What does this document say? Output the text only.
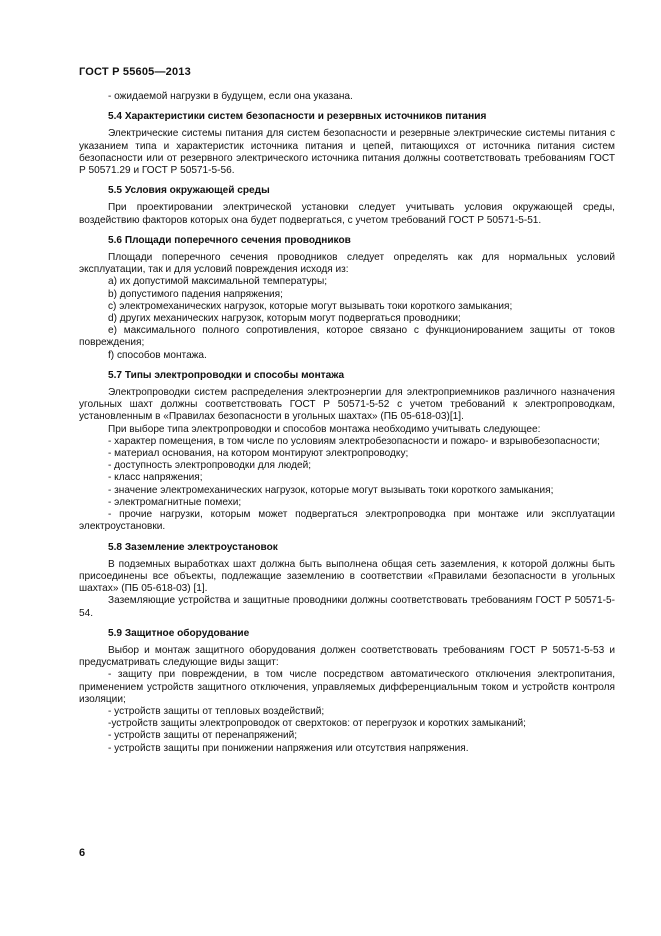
ГОСТ Р 55605—2013

- ожидаемой нагрузки в будущем, если она указана.

5.4 Характеристики систем безопасности и резервных источников питания

Электрические системы питания для систем безопасности и резервные электрические системы питания с указанием типа и характеристик источника питания и цепей, питающихся от источника питания систем безопасности или от резервного электрического источника питания должны соответствовать требованиям ГОСТ Р 50571.29 и ГОСТ Р 50571-5-56.

5.5 Условия окружающей среды

При проектировании электрической установки следует учитывать условия окружающей среды, воздействию факторов которых она будет подвергаться, с учетом требований ГОСТ Р 50571-5-51.

5.6 Площади поперечного сечения проводников

Площади поперечного сечения проводников следует определять как для нормальных условий эксплуатации, так и для условий повреждения исходя из:

а) их допустимой максимальной температуры;

b) допустимого падения напряжения;

c) электромеханических нагрузок, которые могут вызывать токи короткого замыкания;

d) других механических нагрузок, которым могут подвергаться проводники;

e) максимального полного сопротивления, которое связано с функционированием защиты от токов повреждения;

f) способов монтажа.

5.7 Типы электропроводки и способы монтажа

Электропроводки систем распределения электроэнергии для электроприемников различного назначения угольных шахт должны соответствовать ГОСТ Р 50571-5-52 с учетом требований к электропроводкам, установленным в «Правилах безопасности в угольных шахтах» (ПБ 05-618-03)[1].

При выборе типа электропроводки и способов монтажа необходимо учитывать следующее:

- характер помещения, в том числе по условиям электробезопасности и пожаро- и взрывобезопасности;

- материал основания, на котором монтируют электропроводку;

- доступность электропроводки для людей;

- класс напряжения;

- значение электромеханических нагрузок, которые могут вызывать токи короткого замыкания;

- электромагнитные помехи;

- прочие нагрузки, которым может подвергаться электропроводка при монтаже или эксплуатации электроустановки.

5.8 Заземление электроустановок

В подземных выработках шахт должна быть выполнена общая сеть заземления, к которой должны быть присоединены все объекты, подлежащие заземлению в соответствии «Правилами безопасности в угольных шахтах» (ПБ 05-618-03) [1].

Заземляющие устройства и защитные проводники должны соответствовать требованиям ГОСТ Р 50571-5-54.

5.9 Защитное оборудование

Выбор и монтаж защитного оборудования должен соответствовать требованиям ГОСТ Р 50571-5-53 и предусматривать следующие виды защит:

- защиту при повреждении, в том числе посредством автоматического отключения электропитания, применением устройств защитного отключения, управляемых дифференциальным током и устройств контроля изоляции;

- устройств защиты от тепловых воздействий;

-устройств защиты электропроводок от сверхтоков: от перегрузок и коротких замыканий;

- устройств защиты от перенапряжений;

- устройств защиты при понижении напряжения или отсутствия напряжения.

6
